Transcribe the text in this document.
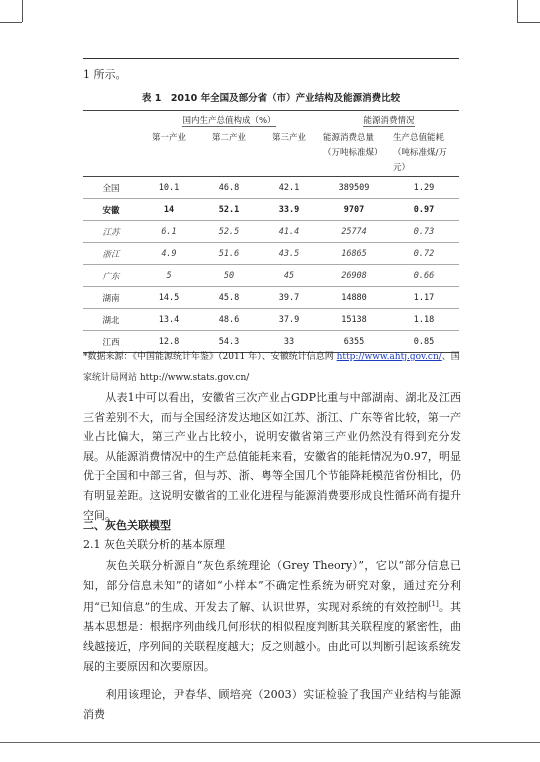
1 所示。
表 1　2010 年全国及部分省（市）产业结构及能源消费比较
	国内生产总值构成（%）			能源消费情况	
	第一产业	第二产业	第三产业	能源消费总量（万吨标准煤）	生产总值能耗（吨标准煤/万元）
全国	10.1	46.8	42.1	389509	1.29
安徽	14	52.1	33.9	9707	0.97
江苏	6.1	52.5	41.4	25774	0.73
浙江	4.9	51.6	43.5	16865	0.72
广东	5	50	45	26908	0.66
湖南	14.5	45.8	39.7	14880	1.17
湖北	13.4	48.6	37.9	15138	1.18
江西	12.8	54.3	33	6355	0.85
*数据来源：《中国能源统计年鉴》（2011 年）、安徽统计信息网 http://www.ahtj.gov.cn/、国家统计局网站 http://www.stats.gov.cn/
　　从表1中可以看出，安徽省三次产业占GDP比重与中部湖南、湖北及江西三省差别不大，而与全国经济发达地区如江苏、浙江、广东等省比较，第一产业占比偏大，第三产业占比较小，说明安徽省第三产业仍然没有得到充分发展。从能源消费情况中的生产总值能耗来看，安徽省的能耗情况为0.97，明显优于全国和中部三省，但与苏、浙、粤等全国几个节能降耗模范省份相比，仍有明显差距。这说明安徽省的工业化进程与能源消费要形成良性循环尚有提升空间。
二、灰色关联模型
2.1 灰色关联分析的基本原理
　　灰色关联分析源自“灰色系统理论（Grey Theory）”，它以“部分信息已知，部分信息未知”的诸如“小样本”不确定性系统为研究对象，通过充分利用“已知信息”的生成、开发去了解、认识世界，实现对系统的有效控制[1]。其基本思想是：根据序列曲线几何形状的相似程度判断其关联程度的紧密性，曲线越接近，序列间的关联程度越大；反之则越小。由此可以判断引起该系统发展的主要原因和次要原因。
　　利用该理论，尹春华、顾培亮（2003）实证检验了我国产业结构与能源消费
